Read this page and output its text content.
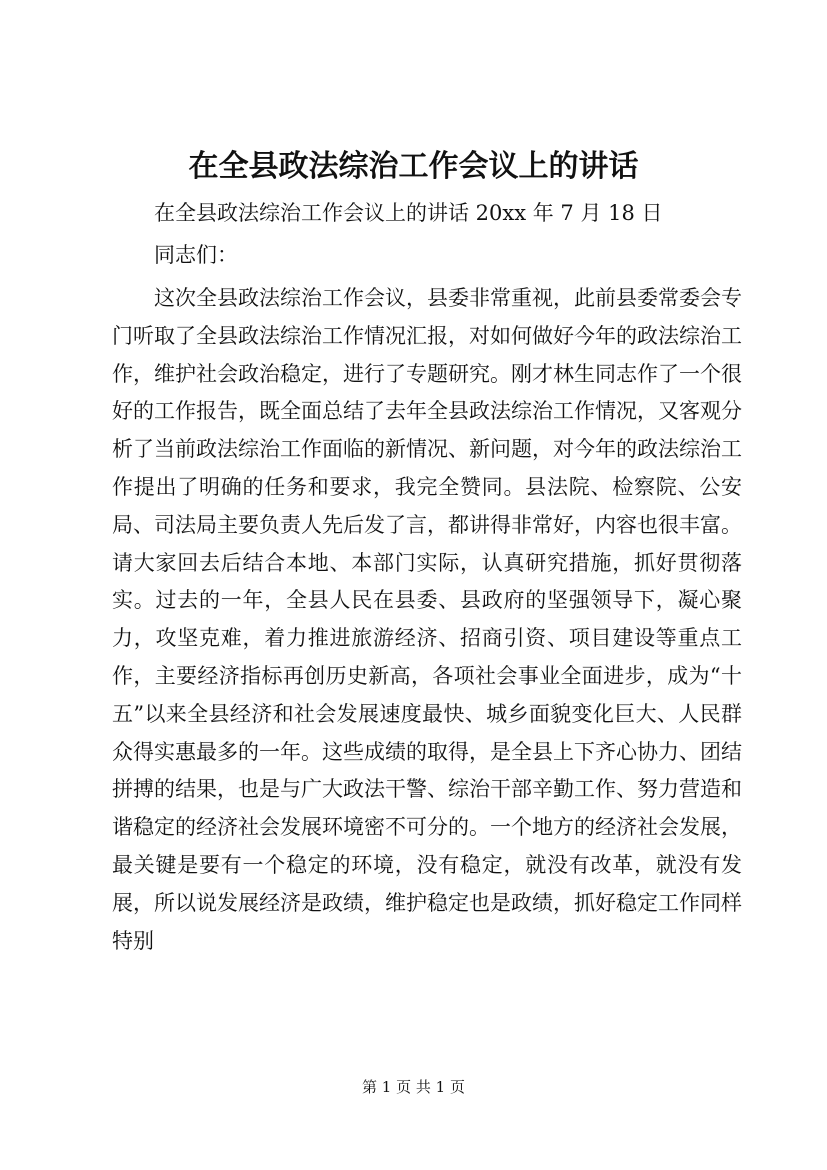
在全县政法综治工作会议上的讲话
在全县政法综治工作会议上的讲话 20xx 年 7 月 18 日
同志们：

这次全县政法综治工作会议，县委非常重视，此前县委常委会专门听取了全县政法综治工作情况汇报，对如何做好今年的政法综治工作，维护社会政治稳定，进行了专题研究。刚才林生同志作了一个很好的工作报告，既全面总结了去年全县政法综治工作情况，又客观分析了当前政法综治工作面临的新情况、新问题，对今年的政法综治工作提出了明确的任务和要求，我完全赞同。县法院、检察院、公安局、司法局主要负责人先后发了言，都讲得非常好，内容也很丰富。请大家回去后结合本地、本部门实际，认真研究措施，抓好贯彻落实。过去的一年，全县人民在县委、县政府的坚强领导下，凝心聚力，攻坚克难，着力推进旅游经济、招商引资、项目建设等重点工作，主要经济指标再创历史新高，各项社会事业全面进步，成为“十五”以来全县经济和社会发展速度最快、城乡面貌变化巨大、人民群众得实惠最多的一年。这些成绩的取得，是全县上下齐心协力、团结拼搏的结果，也是与广大政法干警、综治干部辛勤工作、努力营造和谐稳定的经济社会发展环境密不可分的。一个地方的经济社会发展，最关键是要有一个稳定的环境，没有稳定，就没有改革，就没有发展，所以说发展经济是政绩，维护稳定也是政绩，抓好稳定工作同样特别

第 1 页 共 1 页
